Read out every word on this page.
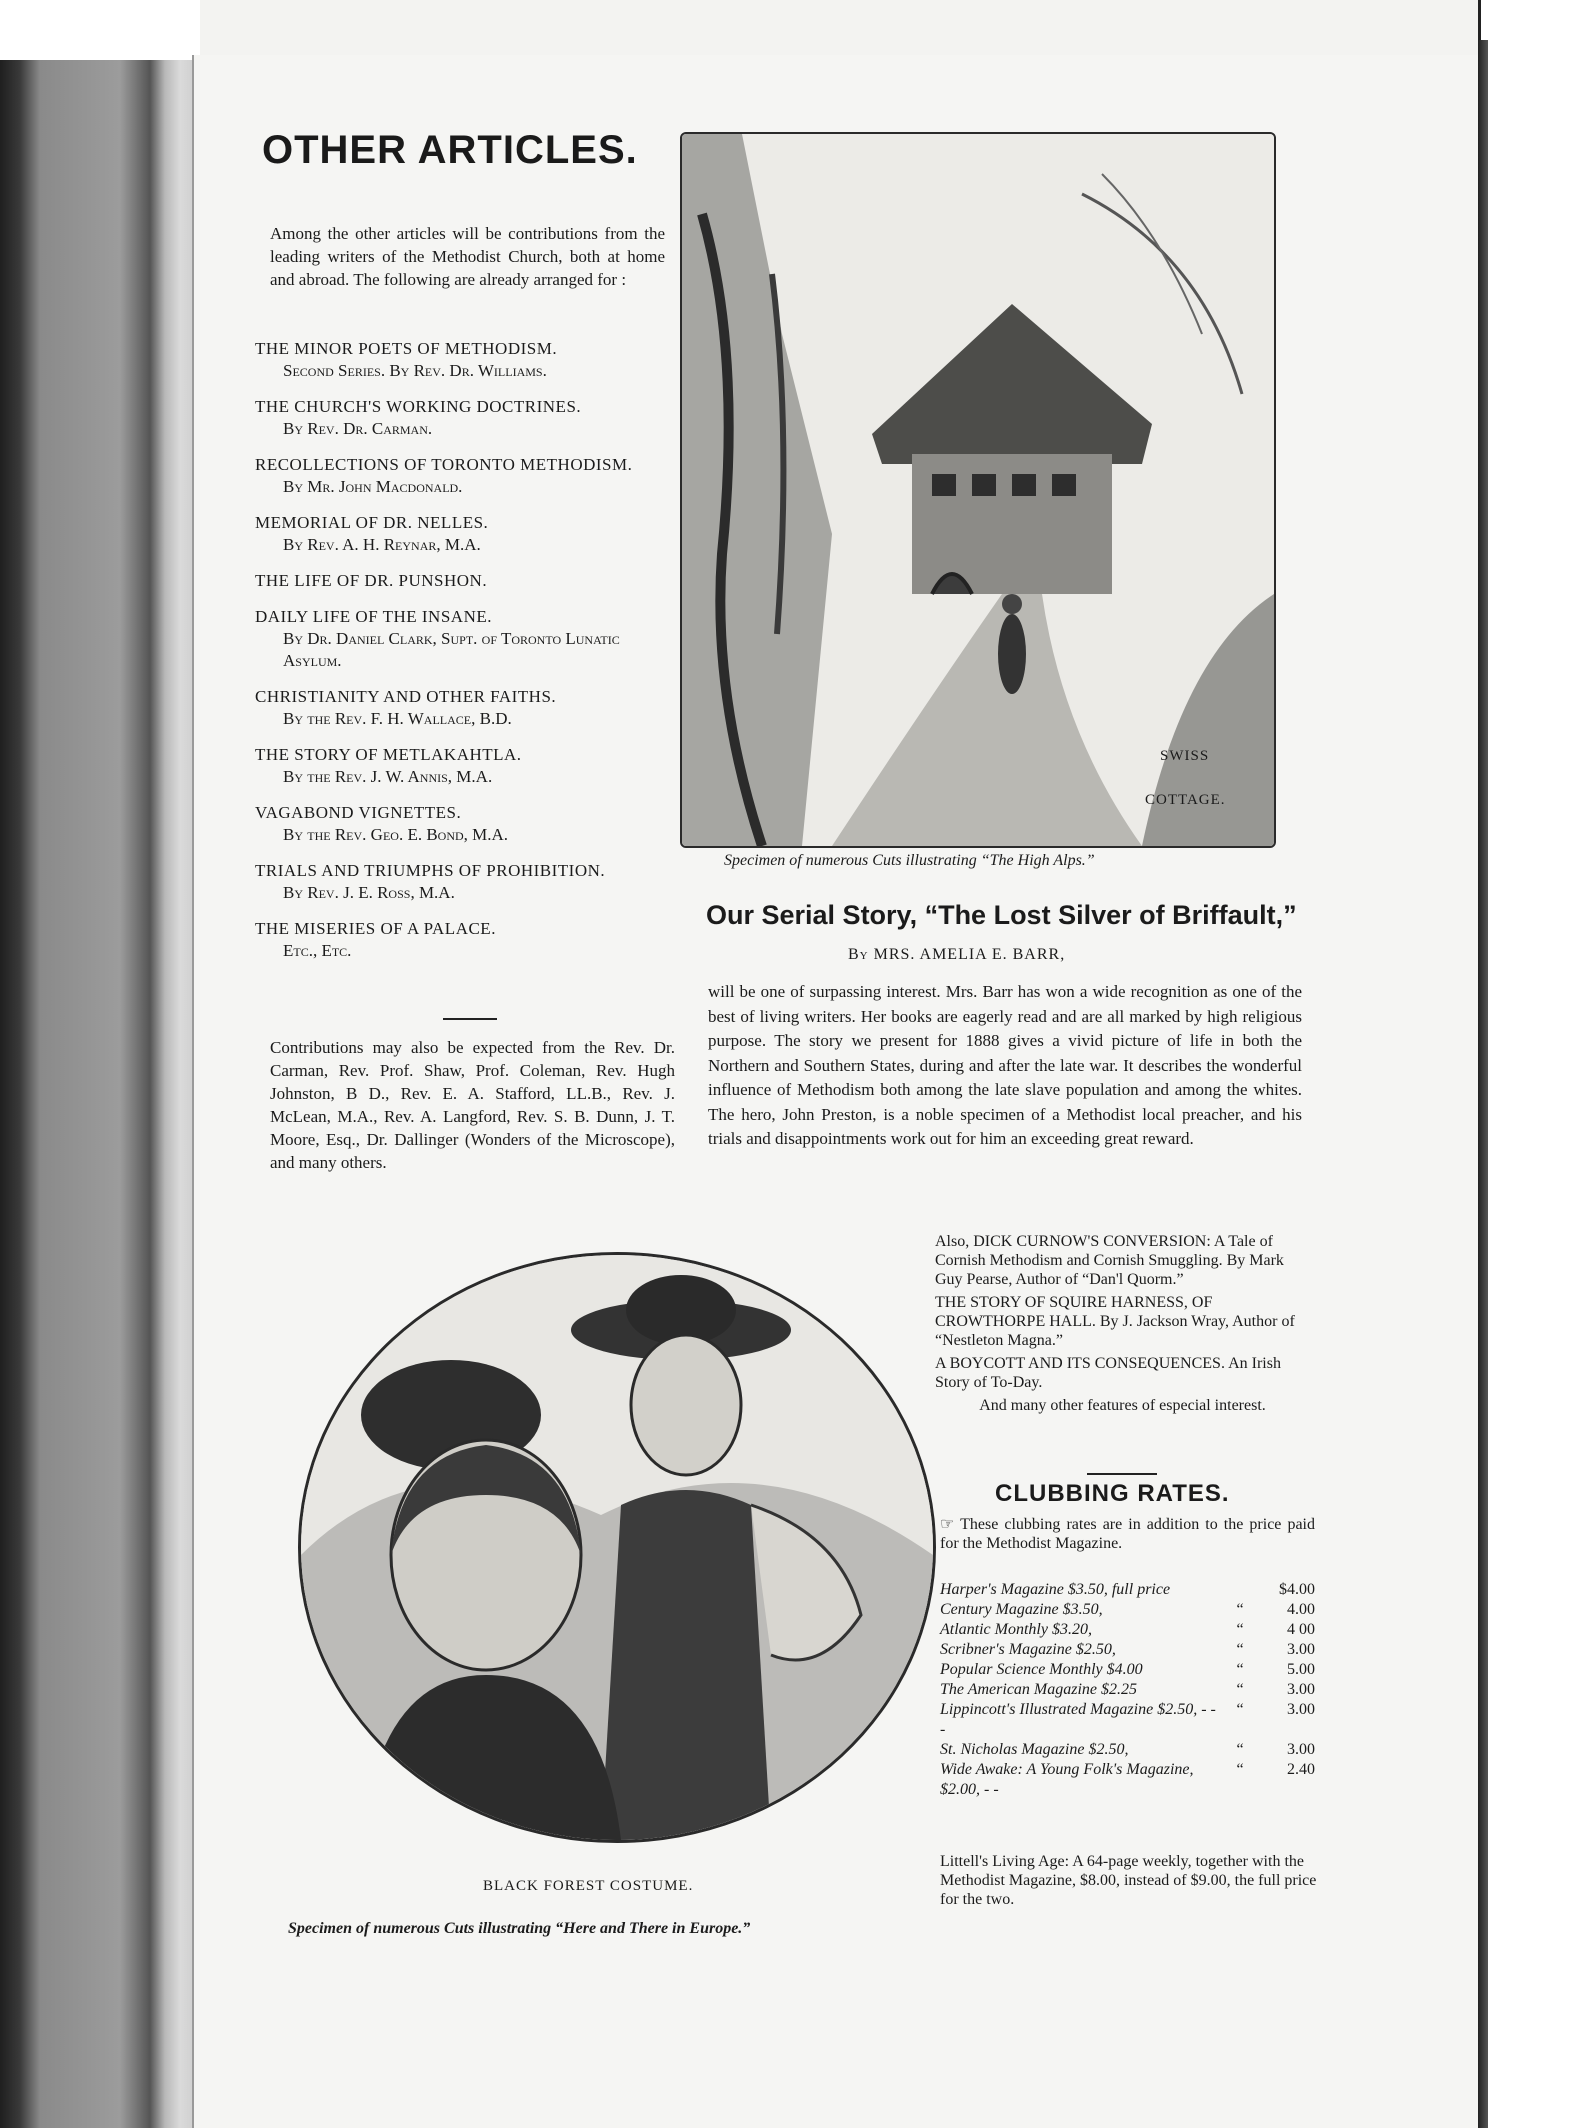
OTHER ARTICLES.
Among the other articles will be contributions from the leading writers of the Methodist Church, both at home and abroad. The following are already arranged for :
THE MINOR POETS OF METHODISM.
Second Series. By Rev. Dr. Williams.
THE CHURCH'S WORKING DOCTRINES.
By Rev. Dr. Carman.
RECOLLECTIONS OF TORONTO METHODISM.
By Mr. John Macdonald.
MEMORIAL OF DR. NELLES.
By Rev. A. H. Reynar, M.A.
THE LIFE OF DR. PUNSHON.
DAILY LIFE OF THE INSANE.
By Dr. Daniel Clark, Supt. of Toronto Lunatic Asylum.
CHRISTIANITY AND OTHER FAITHS.
By the Rev. F. H. Wallace, B.D.
THE STORY OF METLAKAHTLA.
By the Rev. J. W. Annis, M.A.
VAGABOND VIGNETTES.
By the Rev. Geo. E. Bond, M.A.
TRIALS AND TRIUMPHS OF PROHIBITION.
By Rev. J. E. Ross, M.A.
THE MISERIES OF A PALACE.
Etc., Etc.
Contributions may also be expected from the Rev. Dr. Carman, Rev. Prof. Shaw, Prof. Coleman, Rev. Hugh Johnston, B D., Rev. E. A. Stafford, LL.B., Rev. J. McLean, M.A., Rev. A. Langford, Rev. S. B. Dunn, J. T. Moore, Esq., Dr. Dallinger (Wonders of the Microscope), and many others.
SWISS
COTTAGE.
Specimen of numerous Cuts illustrating “The High Alps.”
Our Serial Story, “The Lost Silver of Briffault,”
By MRS. AMELIA E. BARR,
will be one of surpassing interest. Mrs. Barr has won a wide recognition as one of the best of living writers. Her books are eagerly read and are all marked by high religious purpose. The story we present for 1888 gives a vivid picture of life in both the Northern and Southern States, during and after the late war. It describes the wonderful influence of Methodism both among the late slave population and among the whites. The hero, John Preston, is a noble specimen of a Methodist local preacher, and his trials and disappointments work out for him an exceeding great reward.

Also, DICK CURNOW'S CONVERSION: A Tale of Cornish Methodism and Cornish Smuggling. By Mark Guy Pearse, Author of “Dan'l Quorm.”

THE STORY OF SQUIRE HARNESS, OF CROWTHORPE HALL. By J. Jackson Wray, Author of “Nestleton Magna.”

A BOYCOTT AND ITS CONSEQUENCES. An Irish Story of To-Day.

And many other features of especial interest.

BLACK FOREST COSTUME.
Specimen of numerous Cuts illustrating “Here and There in Europe.”
CLUBBING RATES.
☞ These clubbing rates are in addition to the price paid for the Methodist Magazine.
Harper's Magazine $3.50, full price		$4.00
Century Magazine $3.50,	“	4.00
Atlantic Monthly $3.20,	“	4 00
Scribner's Magazine $2.50,	“	3.00
Popular Science Monthly $4.00	“	5.00
The American Magazine $2.25	“	3.00
Lippincott's Illustrated Magazine $2.50, - - -	“	3.00
St. Nicholas Magazine $2.50,	“	3.00
Wide Awake: A Young Folk's Magazine, $2.00, - -	“	2.40
Littell's Living Age: A 64-page weekly, together with the Methodist Magazine, $8.00, instead of $9.00, the full price for the two.
